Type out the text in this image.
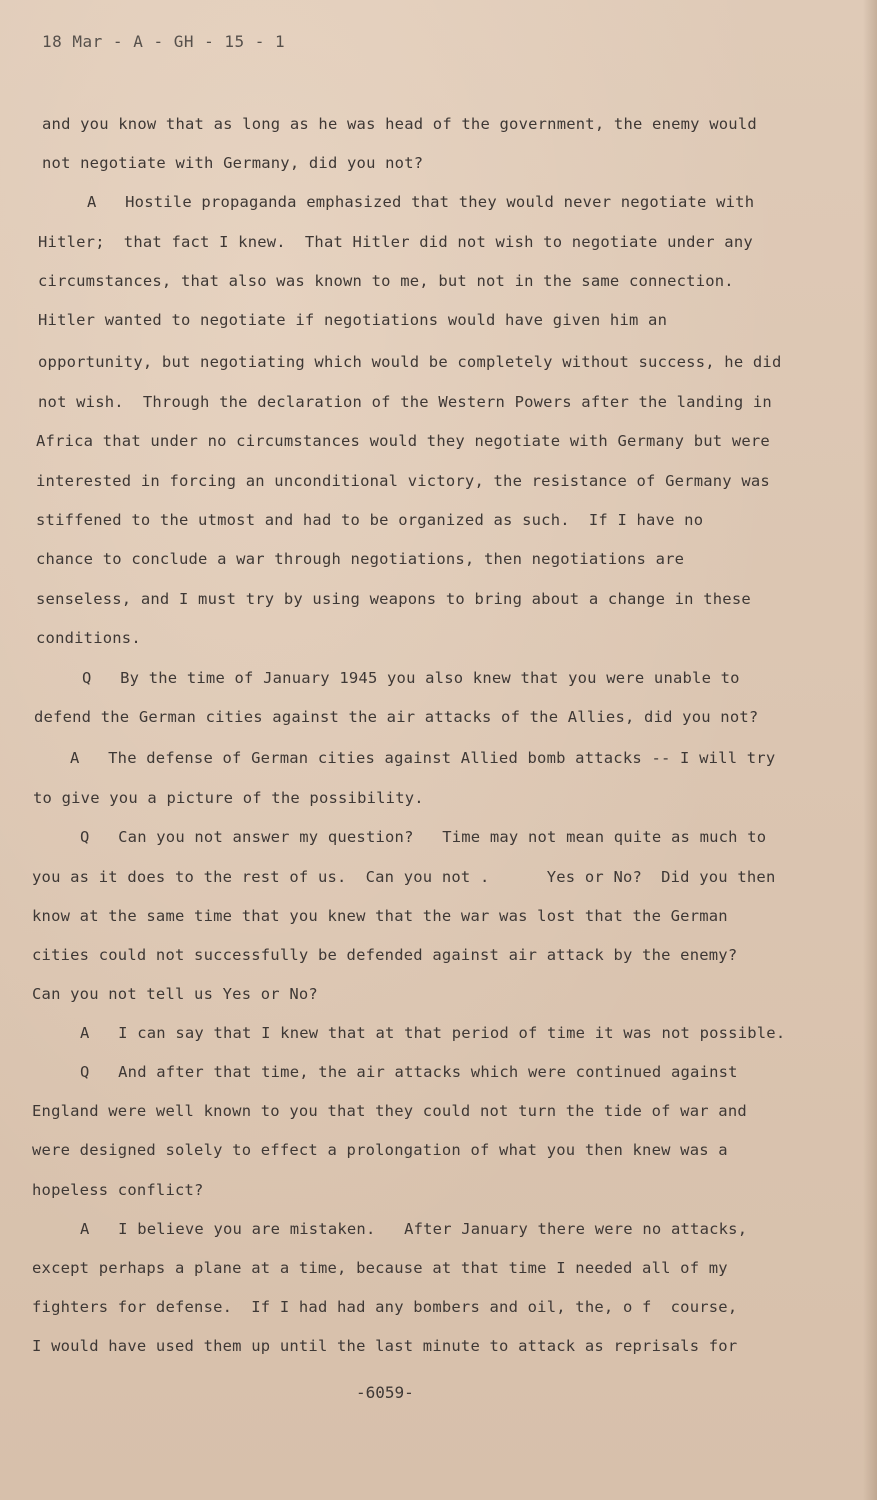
18 Mar - A - GH - 15 - 1
and you know that as long as he was head of the government, the enemy would
not negotiate with Germany, did you not?
A   Hostile propaganda emphasized that they would never negotiate with
Hitler;  that fact I knew.  That Hitler did not wish to negotiate under any
circumstances, that also was known to me, but not in the same connection.
Hitler wanted to negotiate if negotiations would have given him an
opportunity, but negotiating which would be completely without success, he did
not wish.  Through the declaration of the Western Powers after the landing in
Africa that under no circumstances would they negotiate with Germany but were
interested in forcing an unconditional victory, the resistance of Germany was
stiffened to the utmost and had to be organized as such.  If I have no
chance to conclude a war through negotiations, then negotiations are
senseless, and I must try by using weapons to bring about a change in these
conditions.
Q   By the time of January 1945 you also knew that you were unable to
defend the German cities against the air attacks of the Allies, did you not?
A   The defense of German cities against Allied bomb attacks -- I will try
to give you a picture of the possibility.
Q   Can you not answer my question?   Time may not mean quite as much to
you as it does to the rest of us.  Can you not .      Yes or No?  Did you then
know at the same time that you knew that the war was lost that the German
cities could not successfully be defended against air attack by the enemy?
Can you not tell us Yes or No?
A   I can say that I knew that at that period of time it was not possible.
Q   And after that time, the air attacks which were continued against
England were well known to you that they could not turn the tide of war and
were designed solely to effect a prolongation of what you then knew was a
hopeless conflict?
A   I believe you are mistaken.   After January there were no attacks,
except perhaps a plane at a time, because at that time I needed all of my
fighters for defense.  If I had had any bombers and oil, the, o f  course,
I would have used them up until the last minute to attack as reprisals for
-6059-
